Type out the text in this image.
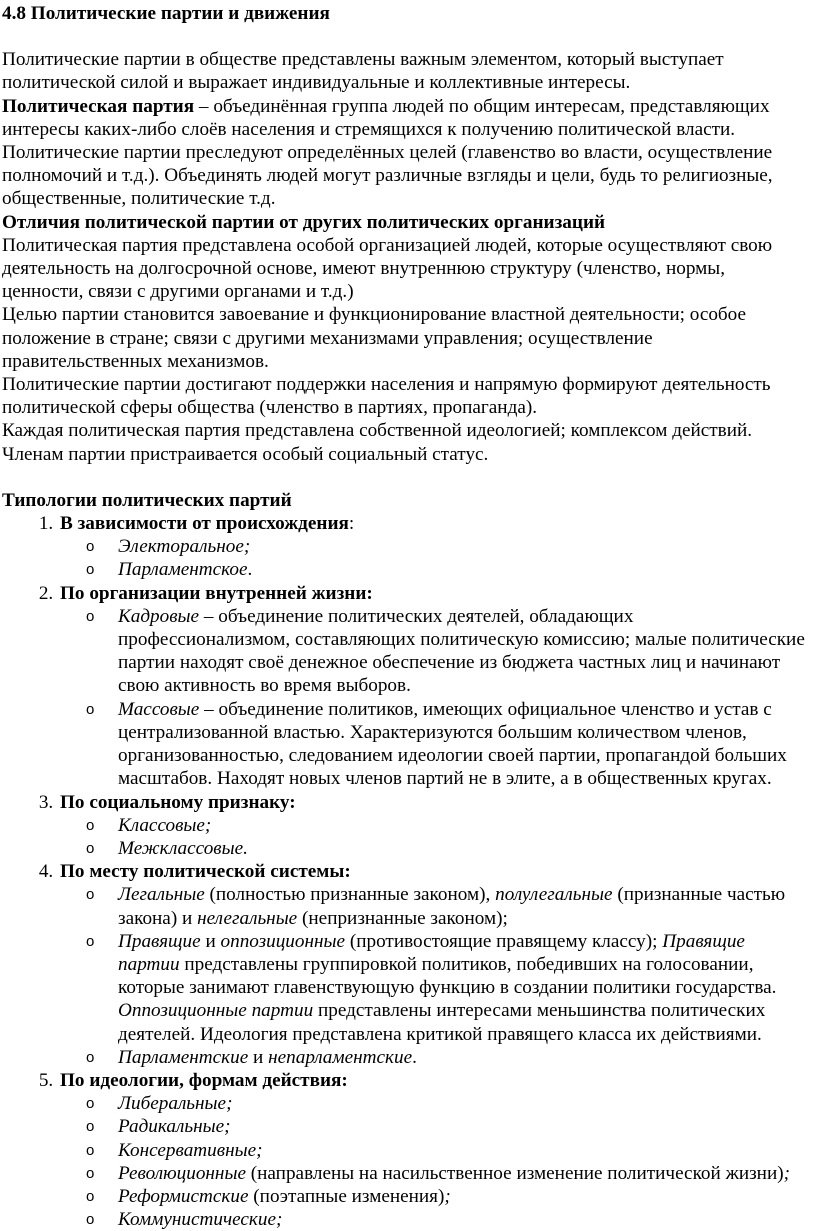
4.8 Политические партии и движения

Политические партии в обществе представлены важным элементом, который выступает политической силой и выражает индивидуальные и коллективные интересы.

Политическая партия – объединённая группа людей по общим интересам, представляющих интересы каких-либо слоёв населения и стремящихся к получению политической власти.

Политические партии преследуют определённых целей (главенство во власти, осуществление полномочий и т.д.). Объединять людей могут различные взгляды и цели, будь то религиозные, общественные, политические т.д.

Отличия политической партии от других политических организаций

Политическая партия представлена особой организацией людей, которые осуществляют свою деятельность на долгосрочной основе, имеют внутреннюю структуру (членство, нормы, ценности, связи с другими органами и т.д.)

Целью партии становится завоевание и функционирование властной деятельности; особое положение в стране; связи с другими механизмами управления; осуществление правительственных механизмов.

Политические партии достигают поддержки населения и напрямую формируют деятельность политической сферы общества (членство в партиях, пропаганда).

Каждая политическая партия представлена собственной идеологией; комплексом действий. Членам партии пристраивается особый социальный статус.

Типологии политических партий

1. В зависимости от происхождения:
o Электоральное;
o Парламентское.
2. По организации внутренней жизни:
o Кадровые – объединение политических деятелей, обладающих профессионализмом, составляющих политическую комиссию; малые политические партии находят своё денежное обеспечение из бюджета частных лиц и начинают свою активность во время выборов.
o Массовые – объединение политиков, имеющих официальное членство и устав с централизованной властью. Характеризуются большим количеством членов, организованностью, следованием идеологии своей партии, пропагандой больших масштабов. Находят новых членов партий не в элите, а в общественных кругах.
3. По социальному признаку:
o Классовые;
o Межклассовые.
4. По месту политической системы:
o Легальные (полностью признанные законом), полулегальные (признанные частью закона) и нелегальные (непризнанные законом);
o Правящие и оппозиционные (противостоящие правящему классу); Правящие партии представлены группировкой политиков, победивших на голосовании, которые занимают главенствующую функцию в создании политики государства. Оппозиционные партии представлены интересами меньшинства политических деятелей. Идеология представлена критикой правящего класса их действиями.
o Парламентские и непарламентские.
5. По идеологии, формам действия:
o Либеральные;
o Радикальные;
o Консервативные;
o Революционные (направлены на насильственное изменение политической жизни);
o Реформистские (поэтапные изменения);
o Коммунистические;
